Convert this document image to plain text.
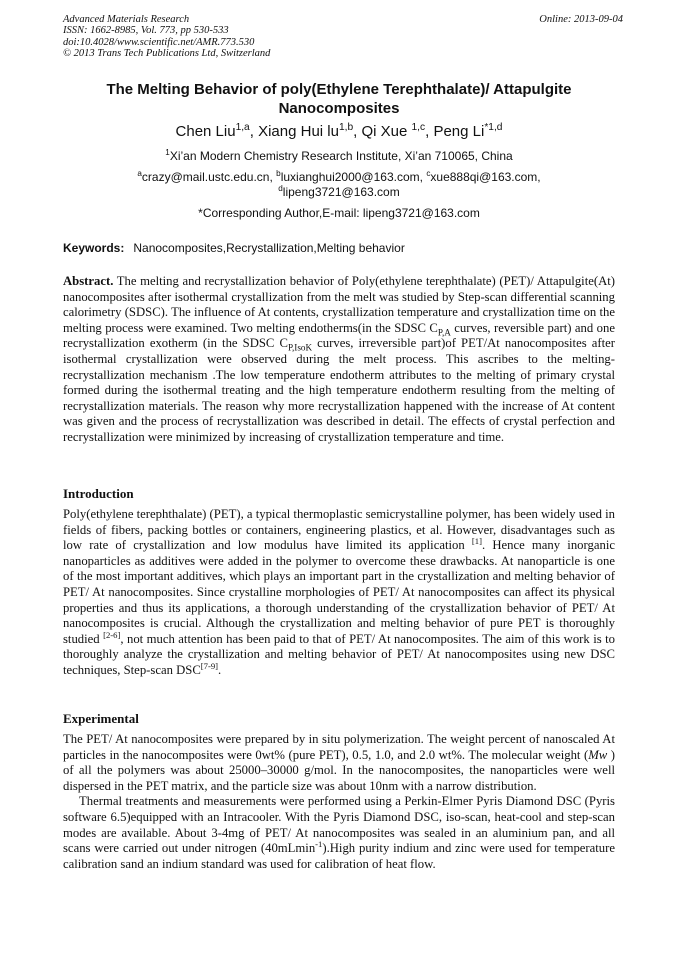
Advanced Materials Research
ISSN: 1662-8985, Vol. 773, pp 530-533
doi:10.4028/www.scientific.net/AMR.773.530
© 2013 Trans Tech Publications Ltd, Switzerland
Online: 2013-09-04
The Melting Behavior of poly(Ethylene Terephthalate)/ Attapulgite Nanocomposites
Chen Liu$^{1,a}$, Xiang Hui lu$^{1,b}$, Qi Xue $^{1,c}$, Peng Li$^{*1,d}$
$^1$Xi’an Modern Chemistry Research Institute, Xi’an 710065, China
$^a$crazy@mail.ustc.edu.cn, $^b$luxianghui2000@163.com, $^c$xue888qi@163.com,
$^d$lipeng3721@163.com
*Corresponding Author,E-mail: lipeng3721@163.com
Keywords: Nanocomposites,Recrystallization,Melting behavior
Abstract. The melting and recrystallization behavior of Poly(ethylene terephthalate) (PET)/ Attapulgite(At) nanocomposites after isothermal crystallization from the melt was studied by Step-scan differential scanning calorimetry (SDSC). The influence of At contents, crystallization temperature and crystallization time on the melting process were examined. Two melting endotherms(in the SDSC $C_{P,A}$ curves, reversible part) and one recrystallization exotherm (in the SDSC $C_{P,IsoK}$ curves, irreversible part)of PET/At nanocomposites after isothermal crystallization were observed during the melt process. This ascribes to the melting-recrystallization mechanism .The low temperature endotherm attributes to the melting of primary crystal formed during the isothermal treating and the high temperature endotherm resulting from the melting of recrystallization materials. The reason why more recrystallization happened with the increase of At content was given and the process of recrystallization was described in detail. The effects of crystal perfection and recrystallization were minimized by increasing of crystallization temperature and time.
Introduction
Poly(ethylene terephthalate) (PET), a typical thermoplastic semicrystalline polymer, has been widely used in fields of fibers, packing bottles or containers, engineering plastics, et al. However, disadvantages such as low rate of crystallization and low modulus have limited its application [1]. Hence many inorganic nanoparticles as additives were added in the polymer to overcome these drawbacks. At nanoparticle is one of the most important additives, which plays an important part in the crystallization and melting behavior of PET/ At nanocomposites. Since crystalline morphologies of PET/ At nanocomposites can affect its physical properties and thus its applications, a thorough understanding of the crystallization behavior of PET/ At nanocomposites is crucial. Although the crystallization and melting behavior of pure PET is thoroughly studied [2-6], not much attention has been paid to that of PET/ At nanocomposites. The aim of this work is to thoroughly analyze the crystallization and melting behavior of PET/ At nanocomposites using new DSC techniques, Step-scan DSC[7-9].
Experimental

The PET/ At nanocomposites were prepared by in situ polymerization. The weight percent of nanoscaled At particles in the nanocomposites were 0wt% (pure PET), 0.5, 1.0, and 2.0 wt%. The molecular weight (Mw ) of all the polymers was about 25000–30000 g/mol. In the nanocomposites, the nanoparticles were well dispersed in the PET matrix, and the particle size was about 10nm with a narrow distribution.

Thermal treatments and measurements were performed using a Perkin-Elmer Pyris Diamond DSC (Pyris software 6.5)equipped with an Intracooler. With the Pyris Diamond DSC, iso-scan, heat-cool and step-scan modes are available. About 3-4mg of PET/ At nanocomposites was sealed in an aluminium pan, and all scans were carried out under nitrogen (40mLmin$^{-1}$).High purity indium and zinc were used for temperature calibration sand an indium standard was used for calibration of heat flow.
